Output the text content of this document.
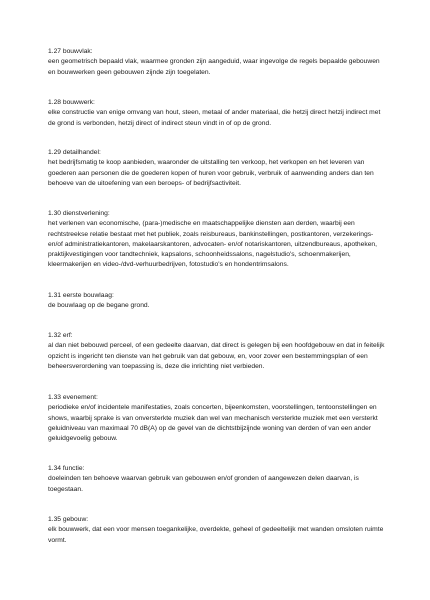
1.27 bouwvlak:
een geometrisch bepaald vlak, waarmee gronden zijn aangeduid, waar ingevolge de regels bepaalde gebouwen
en bouwwerken geen gebouwen zijnde zijn toegelaten.
1.28 bouwwerk:
elke constructie van enige omvang van hout, steen, metaal of ander materiaal, die hetzij direct hetzij indirect met
de grond is verbonden, hetzij direct of indirect steun vindt in of op de grond.
1.29 detailhandel:
het bedrijfsmatig te koop aanbieden, waaronder de uitstalling ten verkoop, het verkopen en het leveren van
goederen aan personen die de goederen kopen of huren voor gebruik, verbruik of aanwending anders dan ten
behoeve van de uitoefening van een beroeps- of bedrijfsactiviteit.
1.30 dienstverlening:
het verlenen van economische, (para-)medische en maatschappelijke diensten aan derden, waarbij een
rechtstreekse relatie bestaat met het publiek, zoals reisbureaus, bankinstellingen, postkantoren, verzekerings-
en/of administratiekantoren, makelaarskantoren, advocaten- en/of notariskantoren, uitzendbureaus, apotheken,
praktijkvestigingen voor tandtechniek, kapsalons, schoonheidssalons, nagelstudio's, schoenmakerijen,
kleermakerijen en video-/dvd-verhuurbedrijven, fotostudio's en hondentrimsalons.
1.31 eerste bouwlaag:
de bouwlaag op de begane grond.
1.32 erf:
al dan niet bebouwd perceel, of een gedeelte daarvan, dat direct is gelegen bij een hoofdgebouw en dat in feitelijk
opzicht is ingericht ten dienste van het gebruik van dat gebouw, en, voor zover een bestemmingsplan of een
beheersverordening van toepassing is, deze die inrichting niet verbieden.
1.33 evenement:
periodieke en/of incidentele manifestaties, zoals concerten, bijeenkomsten, voorstellingen, tentoonstellingen en
shows, waarbij sprake is van onversterkte muziek dan wel van mechanisch versterkte muziek met een versterkt
geluidniveau van maximaal 70 dB(A) op de gevel van de dichtstbijzijnde woning van derden of van een ander
geluidgevoelig gebouw.
1.34 functie:
doeleinden ten behoeve waarvan gebruik van gebouwen en/of gronden of aangewezen delen daarvan, is
toegestaan.
1.35 gebouw:
elk bouwwerk, dat een voor mensen toegankelijke, overdekte, geheel of gedeeltelijk met wanden omsloten ruimte
vormt.
